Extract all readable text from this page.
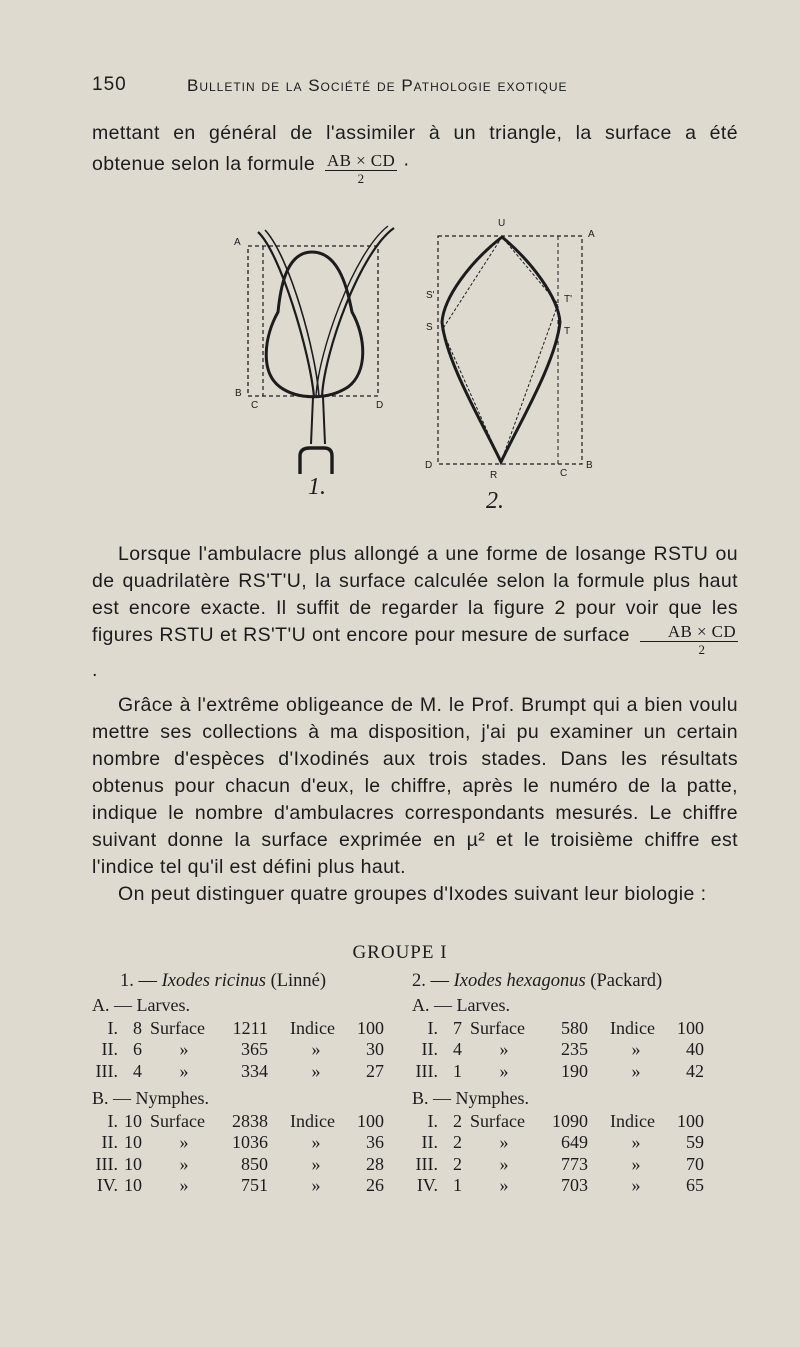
150	Bulletin de la Société de Pathologie exotique
mettant en général de l'assimiler à un triangle, la surface a été
obtenue selon la formule $\frac{AB \times CD}{2}$ ·
A
B
C	D
1.
U
A
S'
S
T'
T
D
R	C
B
2.
Lorsque l'ambulacre plus allongé a une forme de losange RSTU ou de quadrilatère RS'T'U, la surface calculée selon la formule plus haut est encore exacte. Il suffit de regarder la figure 2 pour voir que les figures RSTU et RS'T'U ont encore pour mesure de surface $\frac{AB \times CD}{2}$
.
Grâce à l'extrême obligeance de M. le Prof. Brumpt qui a bien voulu mettre ses collections à ma disposition, j'ai pu examiner un certain nombre d'espèces d'Ixodinés aux trois stades. Dans les résultats obtenus pour chacun d'eux, le chiffre, après le numéro de la patte, indique le nombre d'ambulacres correspondants mesurés. Le chiffre suivant donne la surface exprimée en µ² et le troisième chiffre est l'indice tel qu'il est défini plus haut.
On peut distinguer quatre groupes d'Ixodes suivant leur biologie :
GROUPE I
1. — Ixodes ricinus (Linné)
A. — Larves.
I. 8 Surface	1211 Indice	100
II. 6	»	365	»	30
III. 4	»	334	»	27
B. — Nymphes.
I. 10 Surface	2838 Indice	100
II. 10	»	1036	»	36
III. 10	»	850	»	28
IV. 10	»	751	»	26
2. — Ixodes hexagonus (Packard)
A. — Larves.
I. 7 Surface	580 Indice	100
II. 4	»	235	»	40
III. 1	»	190	»	42
B. — Nymphes.
I. 2 Surface	1090 Indice	100
II. 2	»	649	»	59
III. 2	»	773	»	70
IV. 1	»	703	»	65
